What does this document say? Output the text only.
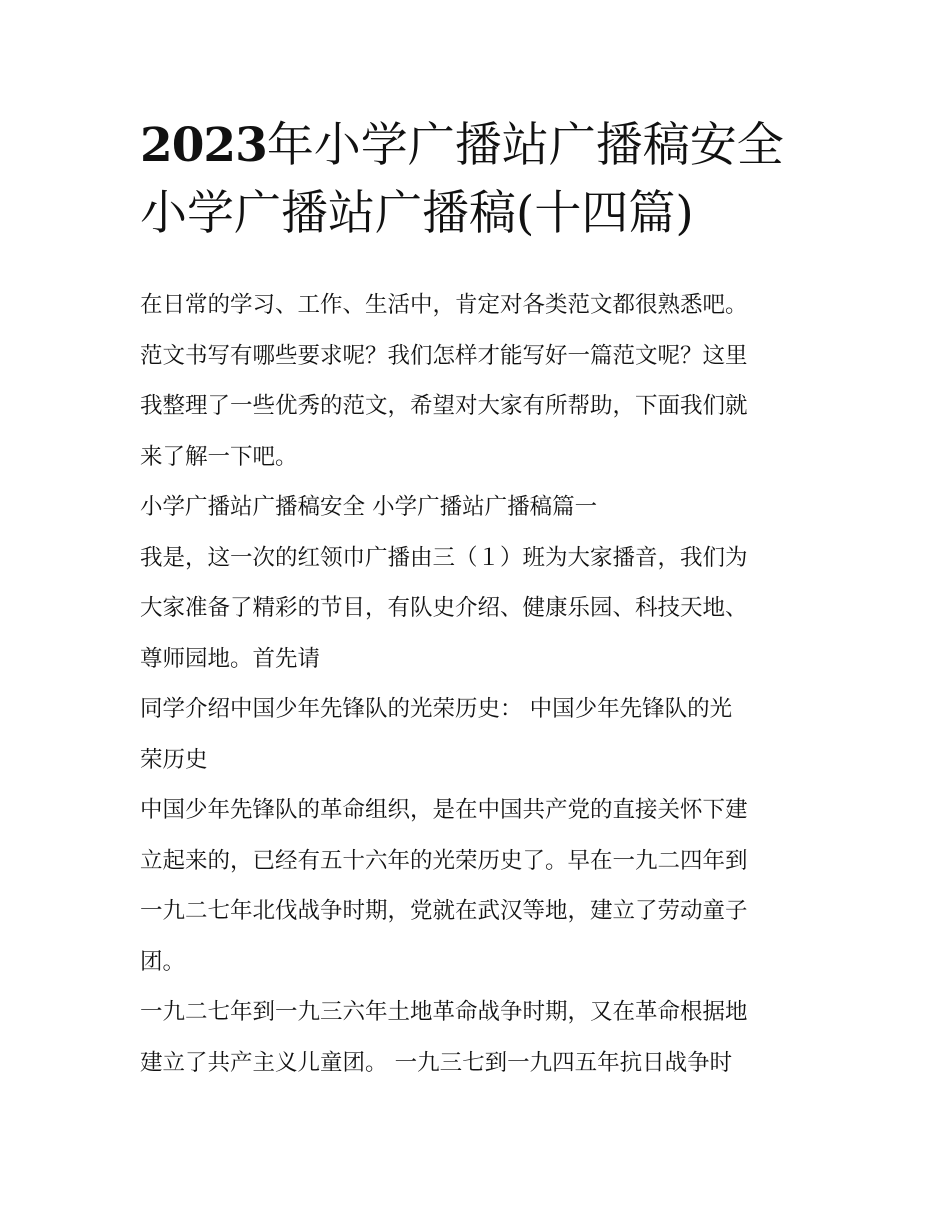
2023年小学广播站广播稿安全
小学广播站广播稿(十四篇)
在日常的学习、工作、生活中，肯定对各类范文都很熟悉吧。
范文书写有哪些要求呢？我们怎样才能写好一篇范文呢？这里
我整理了一些优秀的范文，希望对大家有所帮助，下面我们就
来了解一下吧。
小学广播站广播稿安全 小学广播站广播稿篇一
我是，这一次的红领巾广播由三（１）班为大家播音，我们为
大家准备了精彩的节目，有队史介绍、健康乐园、科技天地、
尊师园地。首先请
同学介绍中国少年先锋队的光荣历史： 中国少年先锋队的光
荣历史
中国少年先锋队的革命组织，是在中国共产党的直接关怀下建
立起来的，已经有五十六年的光荣历史了。早在一九二四年到
一九二七年北伐战争时期，党就在武汉等地，建立了劳动童子
团。
一九二七年到一九三六年土地革命战争时期，又在革命根据地
建立了共产主义儿童团。 一九三七到一九四五年抗日战争时
